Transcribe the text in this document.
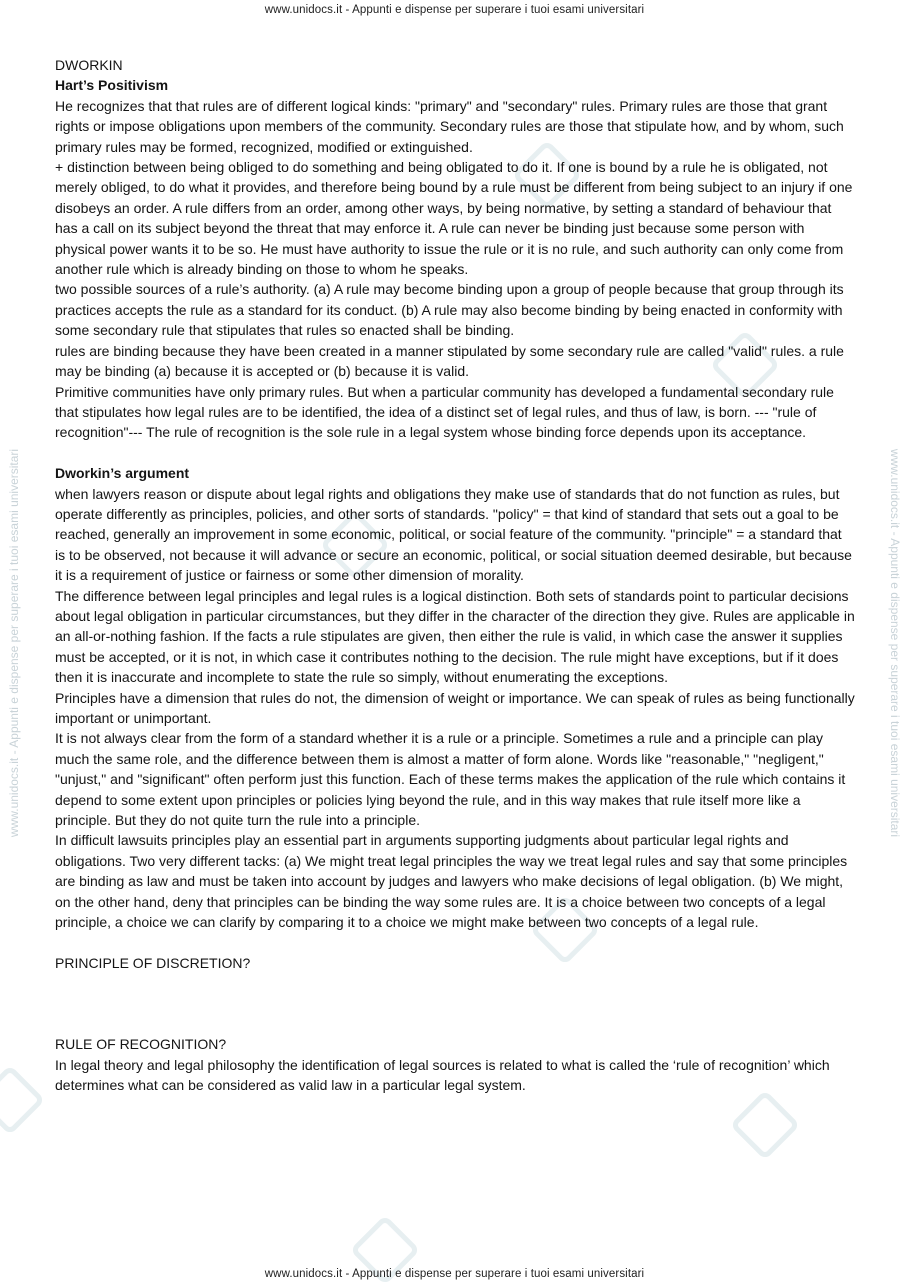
www.unidocs.it - Appunti e dispense per superare i tuoi esami universitari
www.unidocs.it - Appunti e dispense per superare i tuoi esami universitari	www.unidocs.it - Appunti e dispense per superare i tuoi esami universitari

DWORKIN

Hart’s Positivism

He recognizes that that rules are of different logical kinds: "primary" and "secondary" rules. Primary rules are those that grant rights or impose obligations upon members of the community. Secondary rules are those that stipulate how, and by whom, such primary rules may be formed, recognized, modified or extinguished.

+ distinction between being obliged to do something and being obligated to do it. If one is bound by a rule he is obligated, not merely obliged, to do what it provides, and therefore being bound by a rule must be different from being subject to an injury if one disobeys an order. A rule differs from an order, among other ways, by being normative, by setting a standard of behaviour that has a call on its subject beyond the threat that may enforce it. A rule can never be binding just because some person with physical power wants it to be so. He must have authority to issue the rule or it is no rule, and such authority can only come from another rule which is already binding on those to whom he speaks.

two possible sources of a rule’s authority. (a) A rule may become binding upon a group of people because that group through its practices accepts the rule as a standard for its conduct. (b) A rule may also become binding by being enacted in conformity with some secondary rule that stipulates that rules so enacted shall be binding.

rules are binding because they have been created in a manner stipulated by some secondary rule are called "valid" rules. a rule may be binding (a) because it is accepted or (b) because it is valid.

Primitive communities have only primary rules. But when a particular community has developed a fundamental secondary rule that stipulates how legal rules are to be identified, the idea of a distinct set of legal rules, and thus of law, is born. --- "rule of recognition"--- The rule of recognition is the sole rule in a legal system whose binding force depends upon its acceptance.

Dworkin’s argument

when lawyers reason or dispute about legal rights and obligations they make use of standards that do not function as rules, but operate differently as principles, policies, and other sorts of standards. "policy" = that kind of standard that sets out a goal to be reached, generally an improvement in some economic, political, or social feature of the community. "principle" = a standard that is to be observed, not because it will advance or secure an economic, political, or social situation deemed desirable, but because it is a requirement of justice or fairness or some other dimension of morality.

The difference between legal principles and legal rules is a logical distinction. Both sets of standards point to particular decisions about legal obligation in particular circumstances, but they differ in the character of the direction they give. Rules are applicable in an all-or-nothing fashion. If the facts a rule stipulates are given, then either the rule is valid, in which case the answer it supplies must be accepted, or it is not, in which case it contributes nothing to the decision. The rule might have exceptions, but if it does then it is inaccurate and incomplete to state the rule so simply, without enumerating the exceptions.

Principles have a dimension that rules do not, the dimension of weight or importance. We can speak of rules as being functionally important or unimportant.

It is not always clear from the form of a standard whether it is a rule or a principle. Sometimes a rule and a principle can play much the same role, and the difference between them is almost a matter of form alone. Words like "reasonable," "negligent," "unjust," and "significant" often perform just this function. Each of these terms makes the application of the rule which contains it depend to some extent upon principles or policies lying beyond the rule, and in this way makes that rule itself more like a principle. But they do not quite turn the rule into a principle.

In difficult lawsuits principles play an essential part in arguments supporting judgments about particular legal rights and obligations. Two very different tacks: (a) We might treat legal principles the way we treat legal rules and say that some principles are binding as law and must be taken into account by judges and lawyers who make decisions of legal obligation. (b) We might, on the other hand, deny that principles can be binding the way some rules are. It is a choice between two concepts of a legal principle, a choice we can clarify by comparing it to a choice we might make between two concepts of a legal rule.

PRINCIPLE OF DISCRETION?

RULE OF RECOGNITION?

In legal theory and legal philosophy the identification of legal sources is related to what is called the ‘rule of recognition’ which determines what can be considered as valid law in a particular legal system.

www.unidocs.it - Appunti e dispense per superare i tuoi esami universitari
